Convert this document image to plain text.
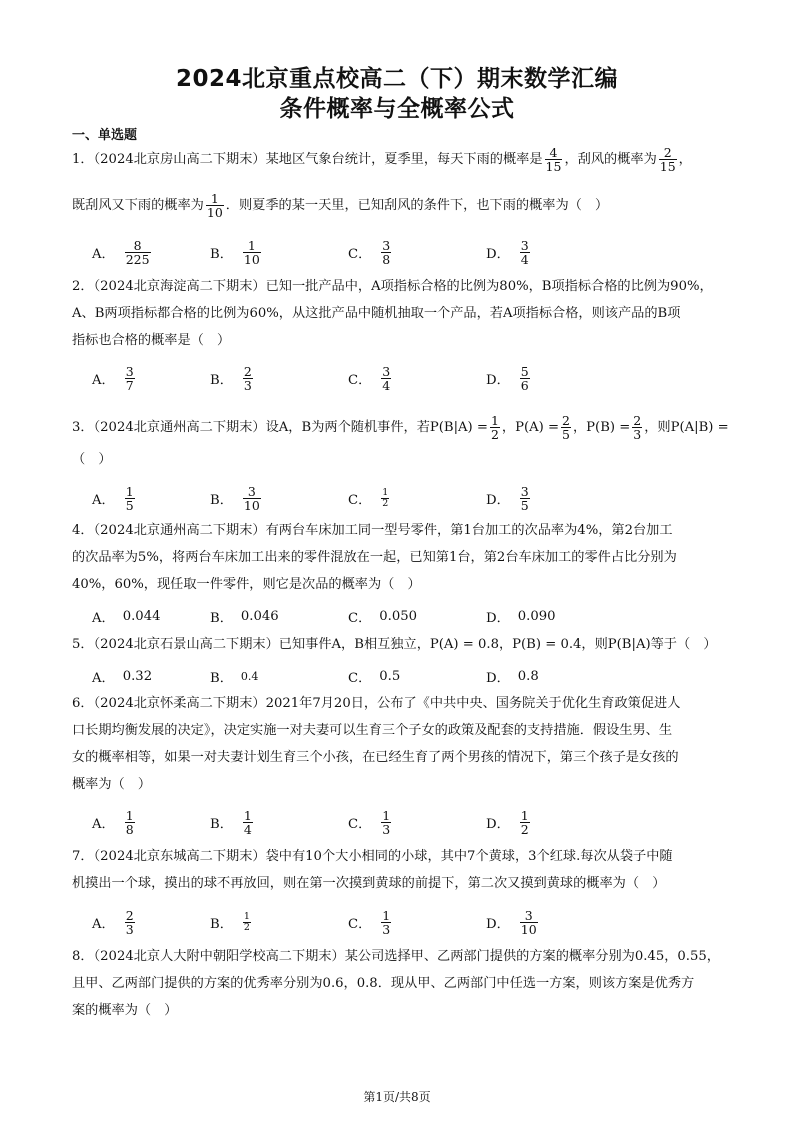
2024北京重点校高二（下）期末数学汇编
条件概率与全概率公式
一、单选题
1．（2024北京房山高二下期末）某地区气象台统计，夏季里，每天下雨的概率是 $\frac{4}{15}$ ，刮风的概率为 $\frac{2}{15}$ ，
既刮风又下雨的概率为 $\frac{1}{10}$ ．则夏季的某一天里，已知刮风的条件下，也下雨的概率为（　）
A． $\frac{8}{225}$	B． $\frac{1}{10}$	C． $\frac{3}{8}$	D． $\frac{3}{4}$
2．（2024北京海淀高二下期末）已知一批产品中，A项指标合格的比例为80%，B项指标合格的比例为90%，
A、B两项指标都合格的比例为60%，从这批产品中随机抽取一个产品，若A项指标合格，则该产品的B项
指标也合格的概率是（　）
A． $\frac{3}{7}$	B． $\frac{2}{3}$	C． $\frac{3}{4}$	D． $\frac{5}{6}$
3．（2024北京通州高二下期末）设A，B为两个随机事件，若$P(B|A) = \frac{1}{2}$ ，$P(A) = \frac{2}{5}$ ，$P(B) = \frac{2}{3}$ ，则P(A|B) =
（　）
A． $\frac{1}{5}$	B． $\frac{3}{10}$	C． $\frac{1}{2}$	D． $\frac{3}{5}$
4．（2024北京通州高二下期末）有两台车床加工同一型号零件，第1台加工的次品率为4%，第2台加工
的次品率为5%，将两台车床加工出来的零件混放在一起，已知第1台，第2台车床加工的零件占比分别为
40%，60%，现任取一件零件，则它是次品的概率为（　）
A． 0.044	B． 0.046	C． 0.050	D． 0.090
5．（2024北京石景山高二下期末）已知事件A，B相互独立，P(A) = 0.8，P(B) = 0.4，则P(B|A)等于（　）
A． 0.32	B． 0.4	C． 0.5	D． 0.8
6．（2024北京怀柔高二下期末）2021年7月20日，公布了《中共中央、国务院关于优化生育政策促进人
口长期均衡发展的决定》，决定实施一对夫妻可以生育三个子女的政策及配套的支持措施．假设生男、生
女的概率相等，如果一对夫妻计划生育三个小孩，在已经生育了两个男孩的情况下，第三个孩子是女孩的
概率为（　）
A． $\frac{1}{8}$	B． $\frac{1}{4}$	C． $\frac{1}{3}$	D． $\frac{1}{2}$
7．（2024北京东城高二下期末）袋中有10个大小相同的小球，其中7个黄球，3个红球.每次从袋子中随
机摸出一个球，摸出的球不再放回，则在第一次摸到黄球的前提下，第二次又摸到黄球的概率为（　）
A． $\frac{2}{3}$	B． $\frac{1}{2}$	C． $\frac{1}{3}$	D． $\frac{3}{10}$
8．（2024北京人大附中朝阳学校高二下期末）某公司选择甲、乙两部门提供的方案的概率分别为0.45，0.55，
且甲、乙两部门提供的方案的优秀率分别为0.6，0.8．现从甲、乙两部门中任选一方案，则该方案是优秀方
案的概率为（　）
第1页/共8页
